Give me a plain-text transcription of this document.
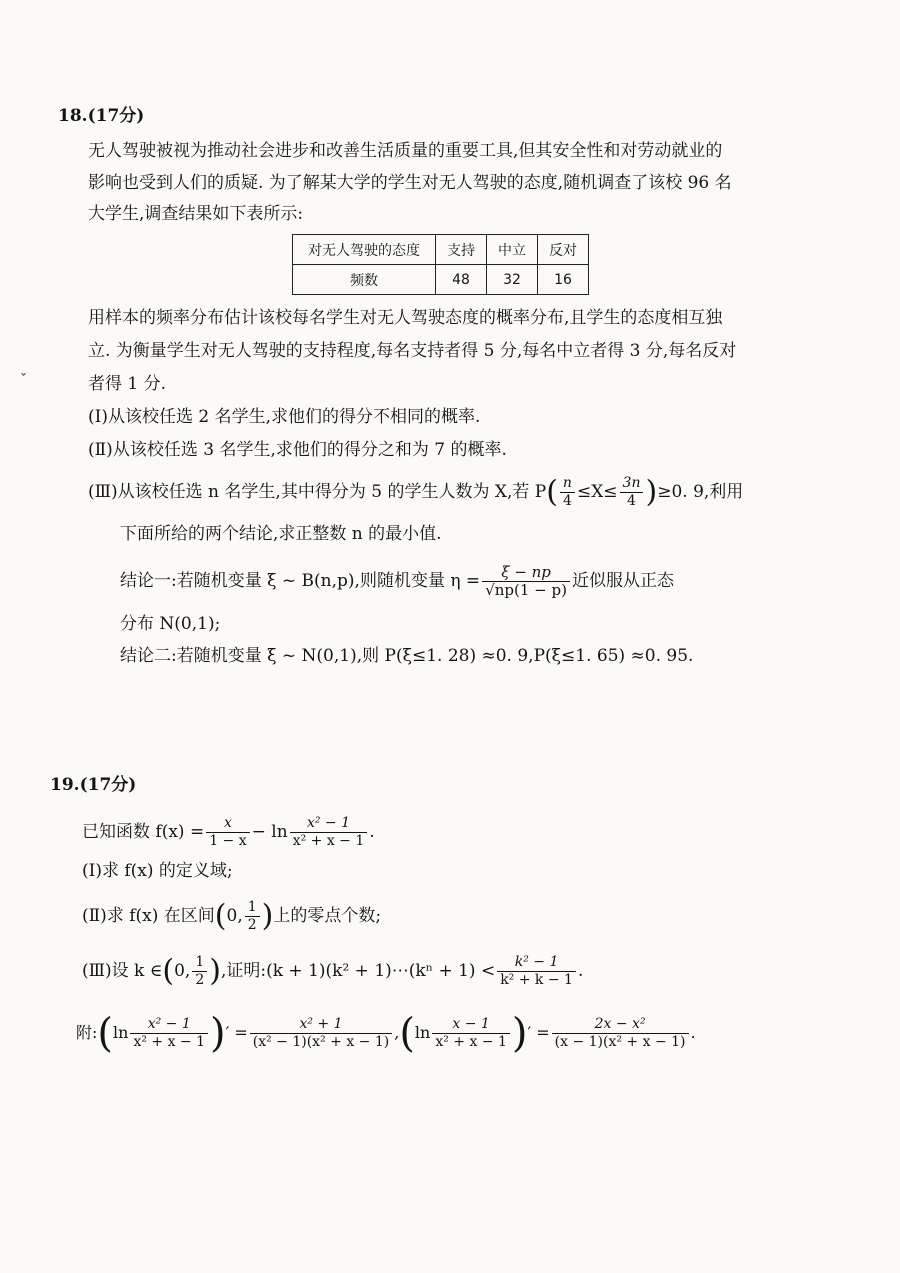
18.(17分)
无人驾驶被视为推动社会进步和改善生活质量的重要工具,但其安全性和对劳动就业的
影响也受到人们的质疑. 为了解某大学的学生对无人驾驶的态度,随机调查了该校 96 名
大学生,调查结果如下表所示:
对无人驾驶的态度	支持	中立	反对
频数	48	32	16
用样本的频率分布估计该校每名学生对无人驾驶态度的概率分布,且学生的态度相互独
立. 为衡量学生对无人驾驶的支持程度,每名支持者得 5 分,每名中立者得 3 分,每名反对
ˇ	者得 1 分.
(Ⅰ)从该校任选 2 名学生,求他们的得分不相同的概率.
(Ⅱ)从该校任选 3 名学生,求他们的得分之和为 7 的概率.
(Ⅲ)从该校任选 n 名学生,其中得分为 5 的学生人数为 X,若 $P( \frac{n}{4} \le X\le \frac{3n}{4} )\ge 0$. 9,利用
下面所给的两个结论,求正整数 n 的最小值.
结论一:若随机变量 ξ ~ B(n,p),则随机变量 $\eta = \frac{\xi - np}{√np(1 - p)}$ 近似服从正态
分布 N(0,1);
结论二:若随机变量 ξ ~ N(0,1),则 P(ξ≤1. 28) ≈0. 9,P(ξ≤1. 65) ≈0. 95.
19.(17分)
已知函数 $f(x) = \frac{x}{1 - x} - \ln \frac{\text{x² − 1}}{\text{x² + x − 1}}$ .
(Ⅰ)求 f(x) 的定义域;
(Ⅱ)求 f(x) 在区间(0, $\frac{1}{2}$ )上的零点个数;
(Ⅲ)设 k ∈(0, $\frac{1}{2}$ ),证明:(k + 1)(k² + 1)⋯(kⁿ + $1) < \frac{\text{k² − 1}}{\text{k² + k − 1}}$ .
附:(ln $\frac{\text{x² − 1}}{\text{x² + x − 1}}$ )′ = $\frac{\text{x² + 1}}{\text{(x² − 1)(x² + x − 1)}} ,(\ln \frac{x - 1}{\text{x² + x − 1}}$ )′ = $\frac{\text{2x − x²}}{\text{(x − 1)(x² + x − 1)}}$ .
